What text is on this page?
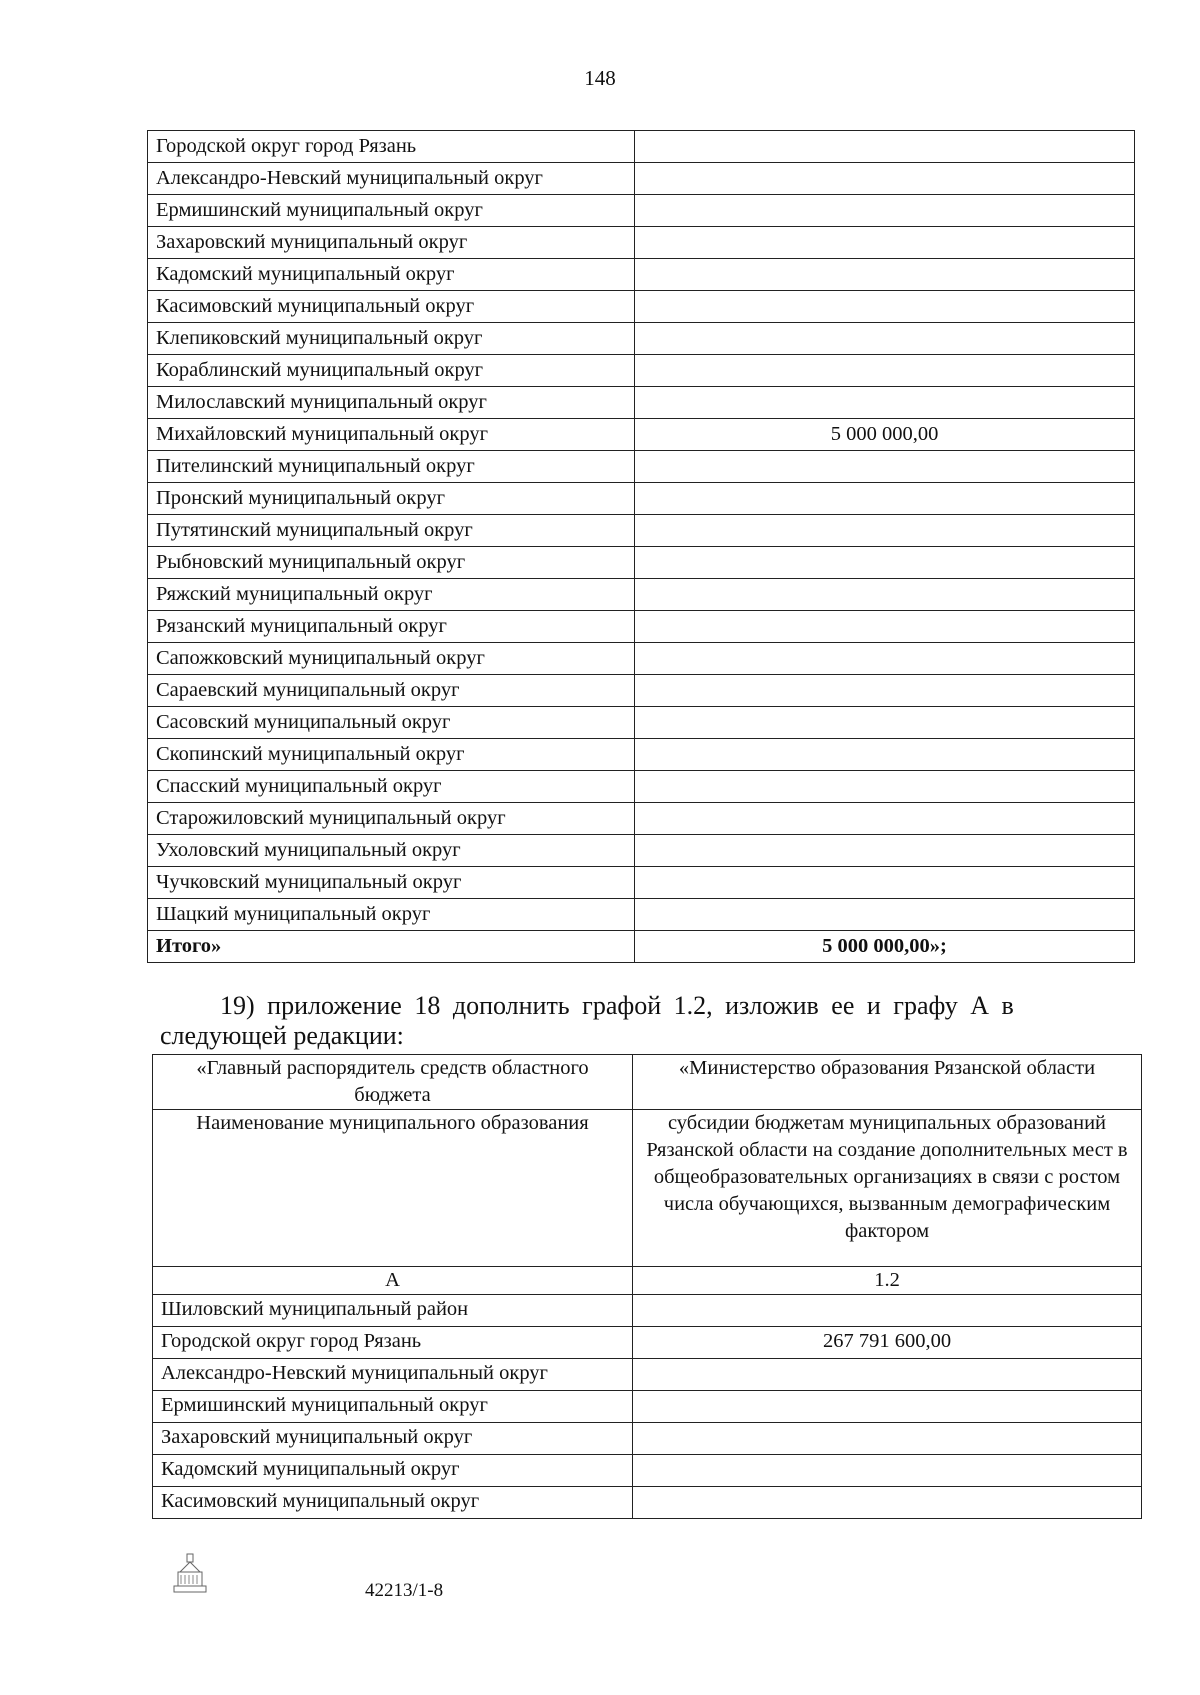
148
Городской округ город Рязань	
Александро-Невский муниципальный округ	
Ермишинский муниципальный округ	
Захаровский муниципальный округ	
Кадомский муниципальный округ	
Касимовский муниципальный округ	
Клепиковский муниципальный округ	
Кораблинский муниципальный округ	
Милославский муниципальный округ	
Михайловский муниципальный округ	5 000 000,00
Пителинский муниципальный округ	
Пронский муниципальный округ	
Путятинский муниципальный округ	
Рыбновский муниципальный округ	
Ряжский муниципальный округ	
Рязанский муниципальный округ	
Сапожковский муниципальный округ	
Сараевский муниципальный округ	
Сасовский муниципальный округ	
Скопинский муниципальный округ	
Спасский муниципальный округ	
Старожиловский муниципальный округ	
Ухоловский муниципальный округ	
Чучковский муниципальный округ	
Шацкий муниципальный округ	
Итого»	5 000 000,00»;
19) приложение 18 дополнить графой 1.2, изложив ее и графу А в
следующей редакции:
«Главный распорядитель средств областного бюджета	«Министерство образования Рязанской области
Наименование муниципального образования	субсидии бюджетам муниципальных образований Рязанской области на создание дополнительных мест в общеобразовательных организациях в связи с ростом числа обучающихся, вызванным демографическим фактором
А	1.2
Шиловский муниципальный район	
Городской округ город Рязань	267 791 600,00
Александро-Невский муниципальный округ	
Ермишинский муниципальный округ	
Захаровский муниципальный округ	
Кадомский муниципальный округ	
Касимовский муниципальный округ	
42213/1-8
